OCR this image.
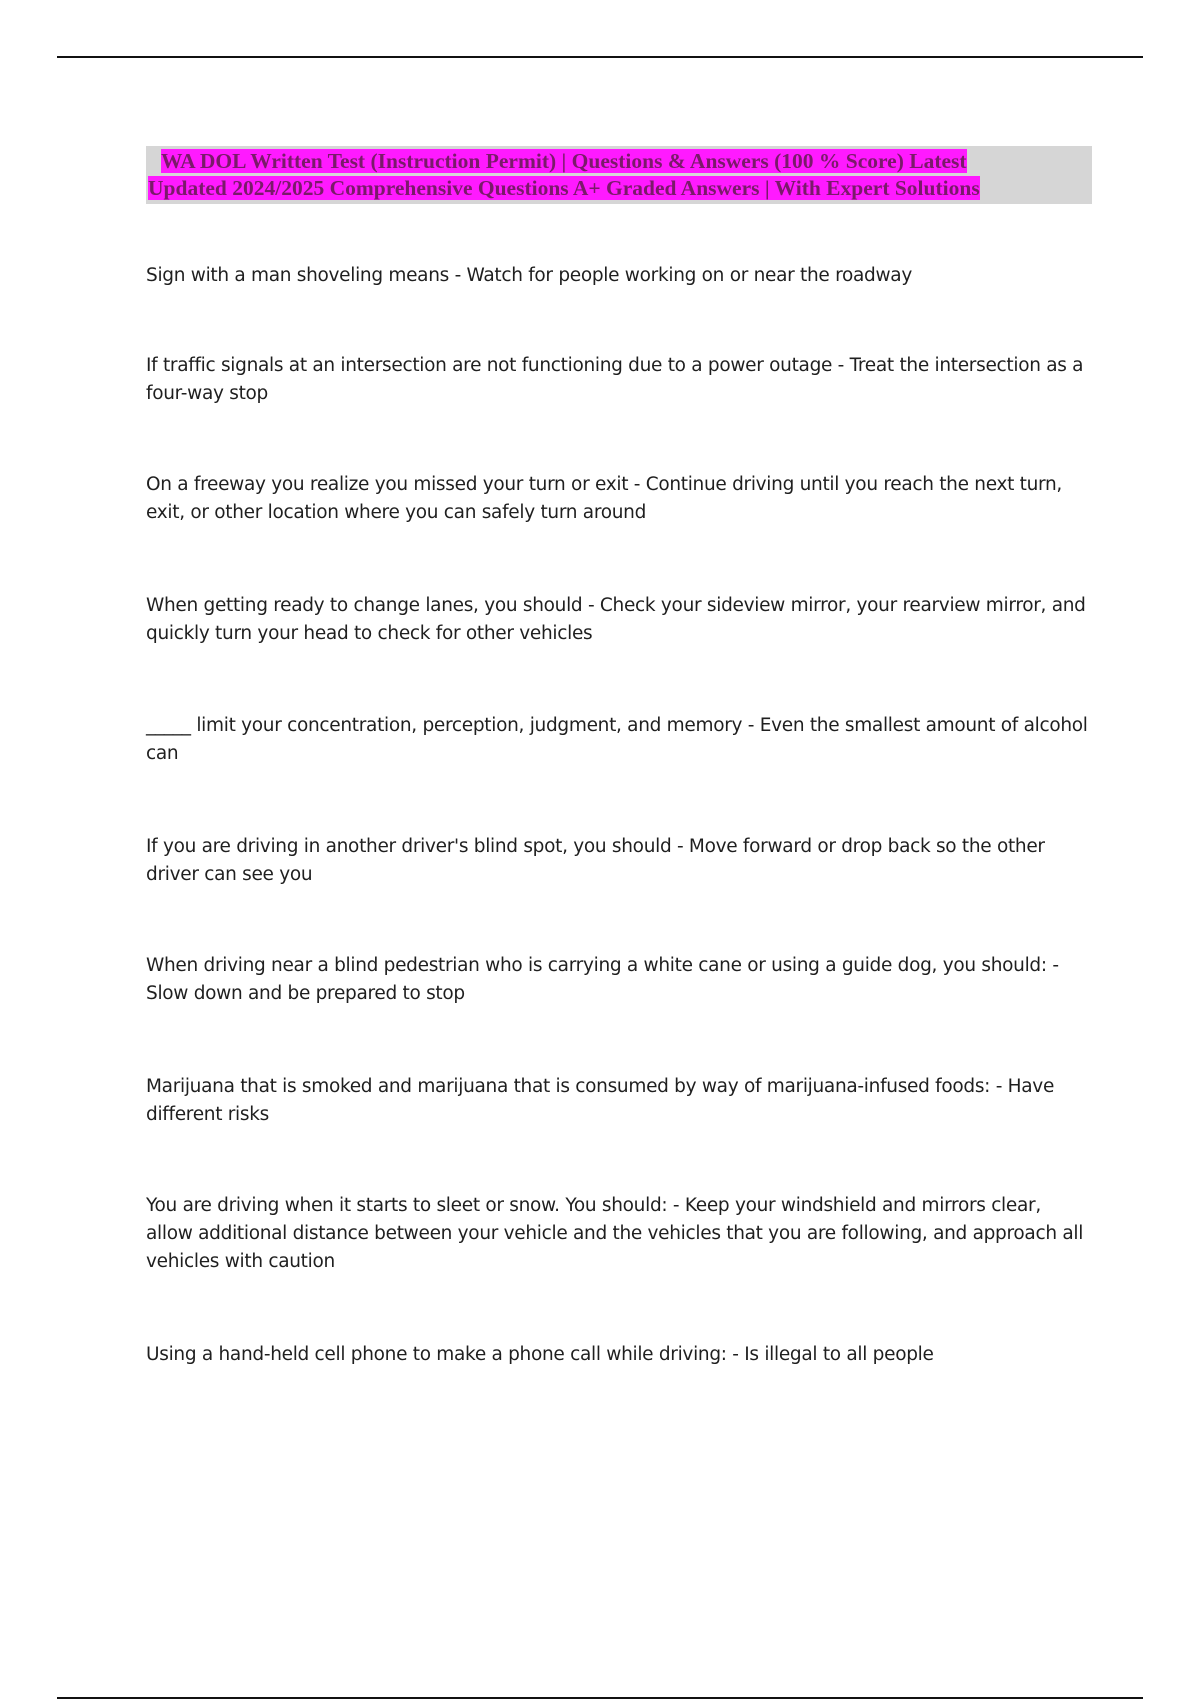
WA DOL Written Test (Instruction Permit) | Questions & Answers (100 % Score) Latest
Updated 2024/2025 Comprehensive Questions A+ Graded Answers | With Expert Solutions
Sign with a man shoveling means - Watch for people working on or near the roadway
If traffic signals at an intersection are not functioning due to a power outage - Treat the intersection as a four-way stop
On a freeway you realize you missed your turn or exit - Continue driving until you reach the next turn, exit, or other location where you can safely turn around
When getting ready to change lanes, you should - Check your sideview mirror, your rearview mirror, and quickly turn your head to check for other vehicles
_____ limit your concentration, perception, judgment, and memory - Even the smallest amount of alcohol can
If you are driving in another driver's blind spot, you should - Move forward or drop back so the other driver can see you
When driving near a blind pedestrian who is carrying a white cane or using a guide dog, you should: - Slow down and be prepared to stop
Marijuana that is smoked and marijuana that is consumed by way of marijuana-infused foods: - Have different risks
You are driving when it starts to sleet or snow. You should: - Keep your windshield and mirrors clear, allow additional distance between your vehicle and the vehicles that you are following, and approach all vehicles with caution
Using a hand-held cell phone to make a phone call while driving: - Is illegal to all people
